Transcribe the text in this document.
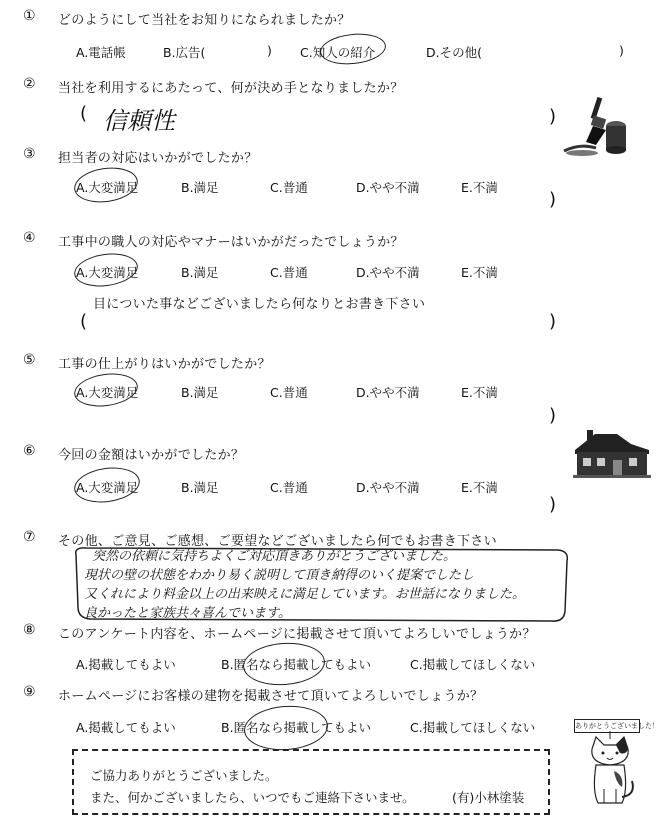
① どのようにして当社をお知りになられましたか？
A.電話帳	B.広告(	) C.知人の紹介	D.その他(	)
② 当社を利用するにあたって、何が決め手となりましたか？
( 信頼性	)
③ 担当者の対応はいかがでしたか？
A.大変満足	B.満足	C.普通	D.やや不満	E.不満
)
④ 工事中の職人の対応やマナーはいかがだったでしょうか？
A.大変満足	B.満足	C.普通	D.やや不満	E.不満
目についた事などございましたら何なりとお書き下さい
(	)
⑤ 工事の仕上がりはいかがでしたか？
A.大変満足	B.満足	C.普通	D.やや不満	E.不満
)
⑥ 今回の金額はいかがでしたか？
A.大変満足	B.満足	C.普通	D.やや不満	E.不満
)
⑦ その他、ご意見、ご感想、ご要望などございましたら何でもお書き下さい
突然の依頼に気持ちよくご対応頂きありがとうございました。
現状の壁の状態をわかり易く説明して頂き納得のいく提案でしたし
又くれにより料金以上の出来映えに満足しています。お世話になりました。
良かったと家族共々喜んでいます。
⑧ このアンケート内容を、ホームページに掲載させて頂いてよろしいでしょうか？
A.掲載してもよい	B.匿名なら掲載してもよい	C.掲載してほしくない
⑨ ホームページにお客様の建物を掲載させて頂いてよろしいでしょうか？
A.掲載してもよい	B.匿名なら掲載してもよい	C.掲載してほしくない
ご協力ありがとうございました。
また、何かございましたら、いつでもご連絡下さいませ。	(有)小林塗装
ありがとうございました！
